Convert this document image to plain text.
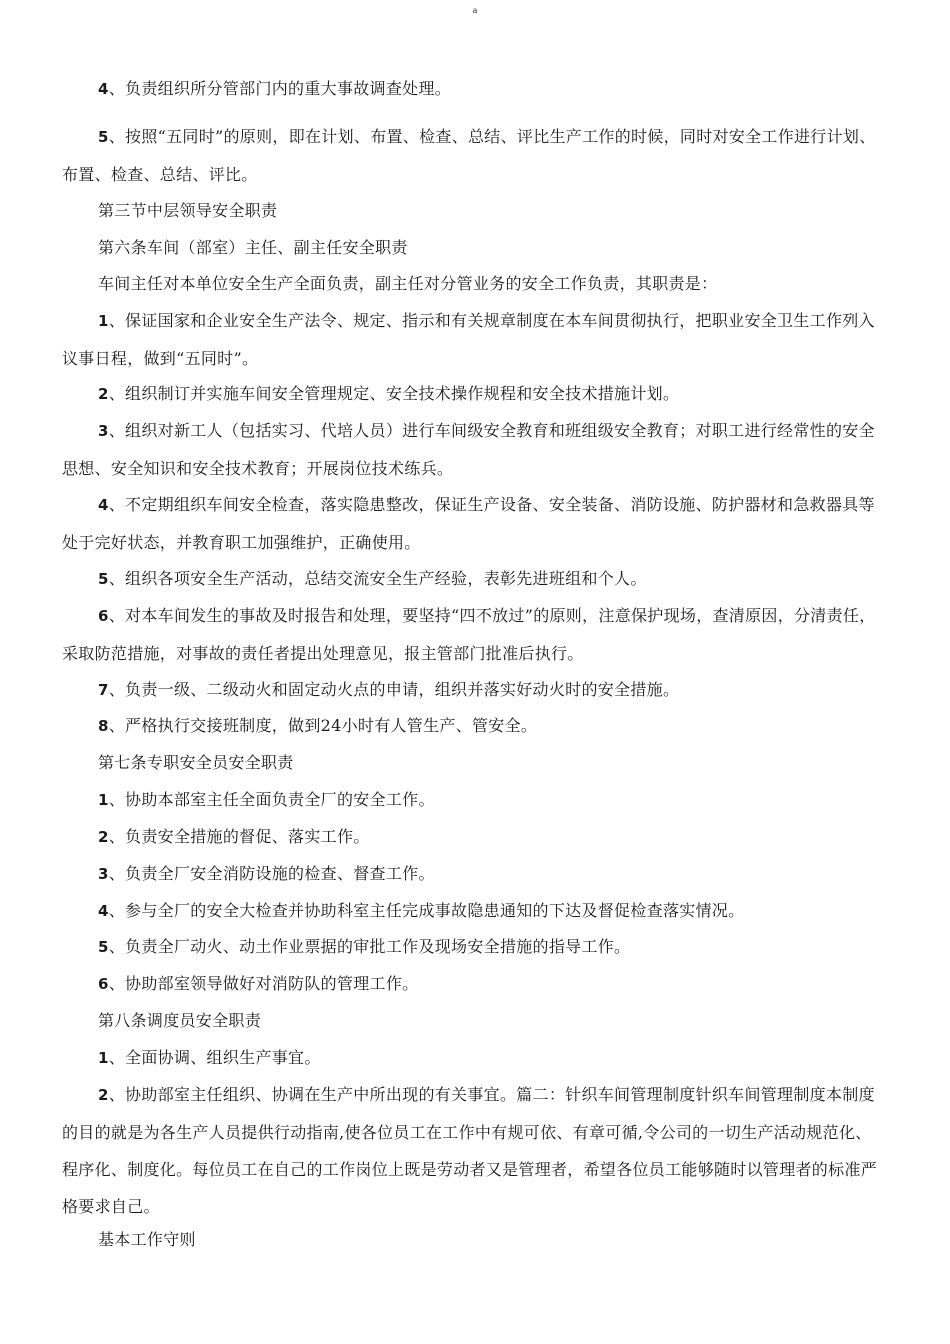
a
4、负责组织所分管部门内的重大事故调查处理。
5、按照“五同时”的原则，即在计划、布置、检查、总结、评比生产工作的时候，同时对安全工作进行计划、布置、检查、总结、评比。
第三节中层领导安全职责
第六条车间（部室）主任、副主任安全职责
车间主任对本单位安全生产全面负责，副主任对分管业务的安全工作负责，其职责是：
1、保证国家和企业安全生产法令、规定、指示和有关规章制度在本车间贯彻执行，把职业安全卫生工作列入议事日程，做到“五同时”。
2、组织制订并实施车间安全管理规定、安全技术操作规程和安全技术措施计划。
3、组织对新工人（包括实习、代培人员）进行车间级安全教育和班组级安全教育；对职工进行经常性的安全思想、安全知识和安全技术教育；开展岗位技术练兵。
4、不定期组织车间安全检查，落实隐患整改，保证生产设备、安全装备、消防设施、防护器材和急救器具等处于完好状态，并教育职工加强维护，正确使用。
5、组织各项安全生产活动，总结交流安全生产经验，表彰先进班组和个人。
6、对本车间发生的事故及时报告和处理，要坚持“四不放过”的原则，注意保护现场，查清原因，分清责任，采取防范措施，对事故的责任者提出处理意见，报主管部门批准后执行。
7、负责一级、二级动火和固定动火点的申请，组织并落实好动火时的安全措施。
8、严格执行交接班制度，做到24小时有人管生产、管安全。
第七条专职安全员安全职责
1、协助本部室主任全面负责全厂的安全工作。
2、负责安全措施的督促、落实工作。
3、负责全厂安全消防设施的检查、督查工作。
4、参与全厂的安全大检查并协助科室主任完成事故隐患通知的下达及督促检查落实情况。
5、负责全厂动火、动土作业票据的审批工作及现场安全措施的指导工作。
6、协助部室领导做好对消防队的管理工作。
第八条调度员安全职责
1、全面协调、组织生产事宜。
2、协助部室主任组织、协调在生产中所出现的有关事宜。篇二：针织车间管理制度针织车间管理制度本制度的目的就是为各生产人员提供行动指南,使各位员工在工作中有规可依、有章可循,令公司的一切生产活动规范化、程序化、制度化。每位员工在自己的工作岗位上既是劳动者又是管理者，希望各位员工能够随时以管理者的标准严格要求自己。
基本工作守则
